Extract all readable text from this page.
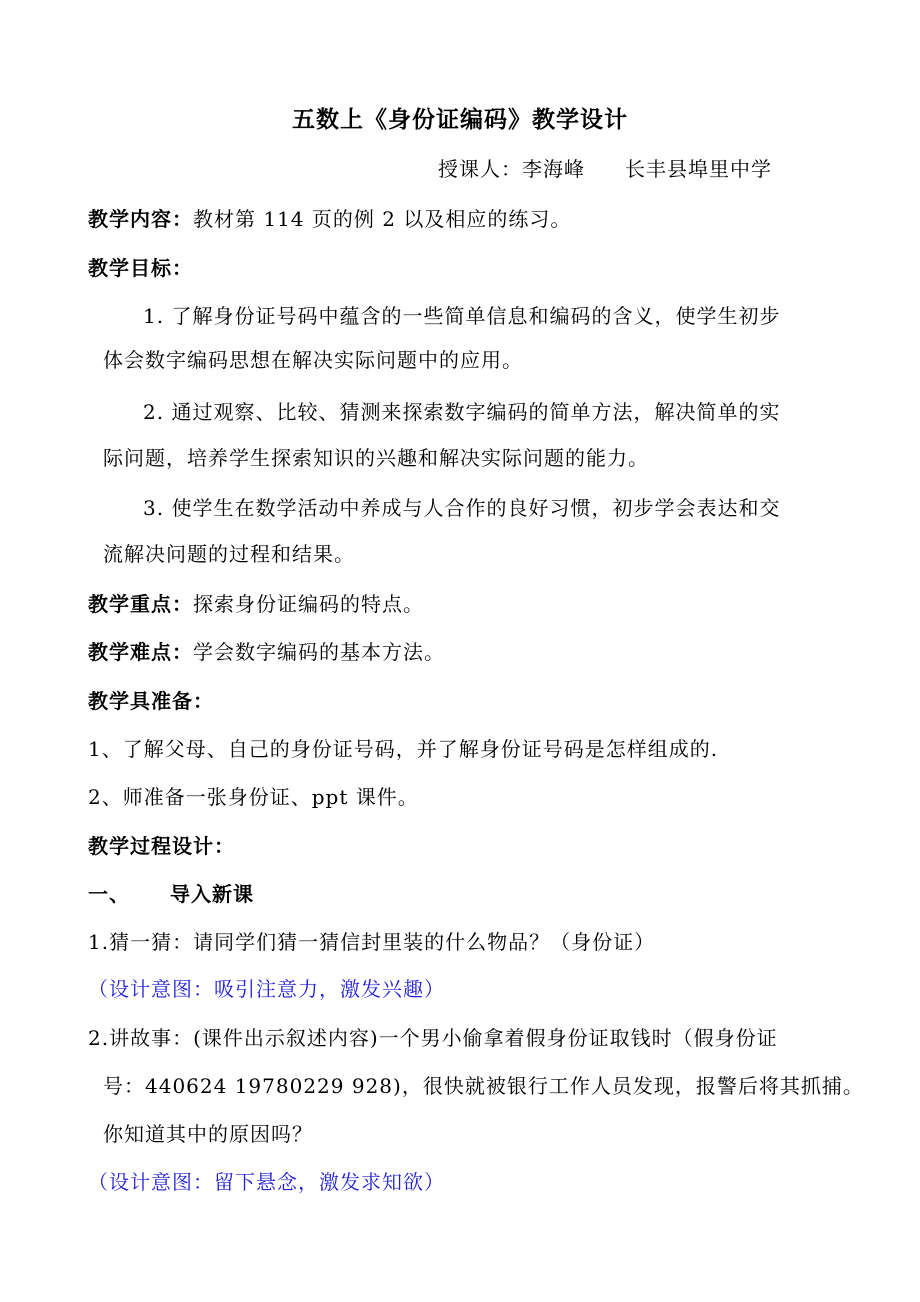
五数上《身份证编码》教学设计
授课人：李海峰 长丰县埠里中学
教学内容：教材第 114 页的例 2 以及相应的练习。
教学目标：
1. 了解身份证号码中蕴含的一些简单信息和编码的含义，使学生初步
体会数字编码思想在解决实际问题中的应用。
2. 通过观察、比较、猜测来探索数字编码的简单方法，解决简单的实
际问题，培养学生探索知识的兴趣和解决实际问题的能力。
3. 使学生在数学活动中养成与人合作的良好习惯，初步学会表达和交
流解决问题的过程和结果。
教学重点：探索身份证编码的特点。
教学难点：学会数字编码的基本方法。
教学具准备：
1、了解父母、自己的身份证号码，并了解身份证号码是怎样组成的.
2、师准备一张身份证、ppt 课件。
教学过程设计：
一、 导入新课
1.猜一猜：请同学们猜一猜信封里装的什么物品？（身份证）
（设计意图：吸引注意力，激发兴趣）
2.讲故事：(课件出示叙述内容)一个男小偷拿着假身份证取钱时（假身份证
号：440624 19780229 928)，很快就被银行工作人员发现，报警后将其抓捕。
你知道其中的原因吗？
（设计意图：留下悬念，激发求知欲）
